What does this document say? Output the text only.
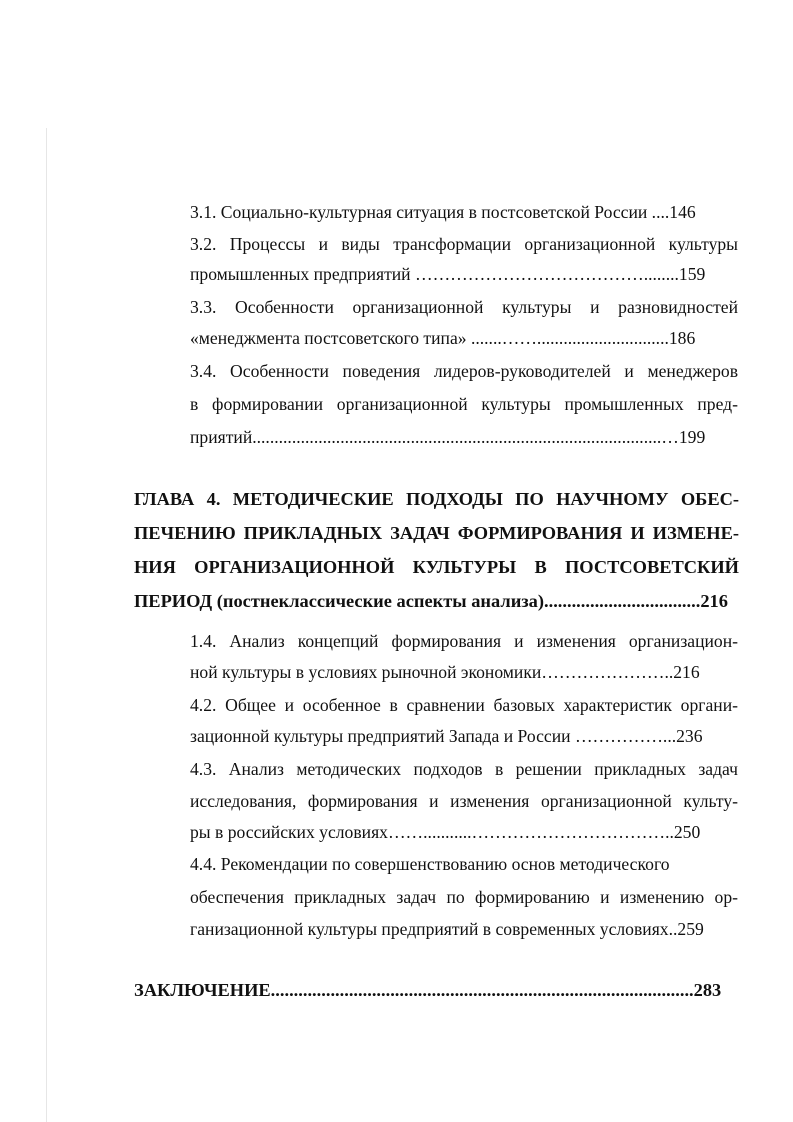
3.1. Социально-культурная ситуация в постсоветской России ....146
3.2. Процессы и виды трансформации организационной культуры
промышленных предприятий …………………………………........159
3.3. Особенности организационной культуры и разновидностей
«менеджмента постсоветского типа» .......……..............................186
3.4. Особенности поведения лидеров-руководителей и менеджеров
в формировании организационной культуры промышленных пред-
приятий.............................................................................................…199
ГЛАВА 4. МЕТОДИЧЕСКИЕ ПОДХОДЫ ПО НАУЧНОМУ ОБЕС-
ПЕЧЕНИЮ ПРИКЛАДНЫХ ЗАДАЧ ФОРМИРОВАНИЯ И ИЗМЕНЕ-
НИЯ ОРГАНИЗАЦИОННОЙ КУЛЬТУРЫ В ПОСТСОВЕТСКИЙ
ПЕРИОД (постнеклассические аспекты анализа)..................................216
1.4. Анализ концепций формирования и изменения организацион-
ной культуры в условиях рыночной экономики…………………..216
4.2. Общее и особенное в сравнении базовых характеристик органи-
зационной культуры предприятий Запада и России ……………...236
4.3. Анализ методических подходов в решении прикладных задач
исследования, формирования и изменения организационной культу-
ры в российских условиях……...........……………………………..250
4.4. Рекомендации по совершенствованию основ методического
обеспечения прикладных задач по формированию и изменению ор-
ганизационной культуры предприятий в современных условиях..259
ЗАКЛЮЧЕНИЕ............................................................................................283
